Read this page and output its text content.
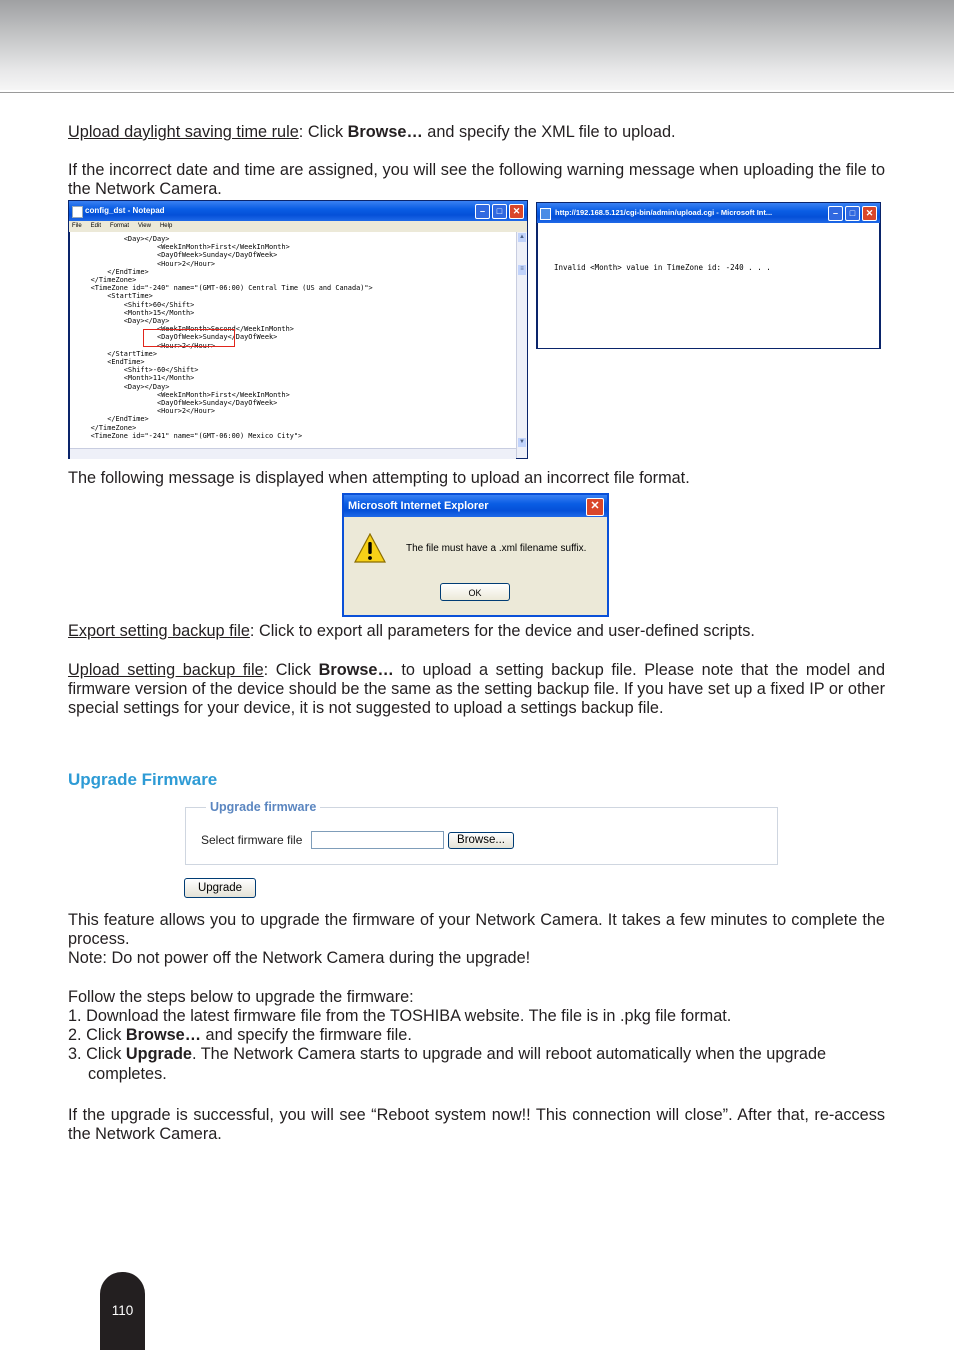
Upload daylight saving time rule: Click Browse… and specify the XML file to upload.

If the incorrect date and time are assigned, you will see the following warning message when uploading the file to the Network Camera.

config_dst - Notepad	–	□	✕
File Edit Format View Help
<Day></Day>
<WeekInMonth>First</WeekInMonth>
<DayOfWeek>Sunday</DayOfWeek>
<Hour>2</Hour>
</EndTime>
</TimeZone>
<TimeZone id="-240" name="(GMT-06:00) Central Time (US and Canada)">
<StartTime>
<Shift>60</Shift>
<Month>15</Month>
<Day></Day>
<WeekInMonth>Second</WeekInMonth>
<DayOfWeek>Sunday</DayOfWeek>
<Hour>2</Hour>
</StartTime>
<EndTime>
<Shift>-60</Shift>
<Month>11</Month>
<Day></Day>
<WeekInMonth>First</WeekInMonth>
<DayOfWeek>Sunday</DayOfWeek>
<Hour>2</Hour>
</EndTime>
</TimeZone>
<TimeZone id="-241" name="(GMT-06:00) Mexico City">
▲
≡
▼
http://192.168.5.121/cgi-bin/admin/upload.cgi - Microsoft Int...	–	□	✕
Invalid <Month> value in TimeZone id: -240 . . .

The following message is displayed when attempting to upload an incorrect file format.

Microsoft Internet Explorer	✕
The file must have a .xml filename suffix.
OK

Export setting backup file: Click to export all parameters for the device and user-defined scripts.

Upload setting backup file: Click Browse… to upload a setting backup file. Please note that the model and firmware version of the device should be the same as the setting backup file. If you have set up a fixed IP or other special settings for your device, it is not suggested to upload a settings backup file.

Upgrade Firmware
Upgrade firmware
Select firmware file	Browse...
Upgrade

This feature allows you to upgrade the firmware of your Network Camera. It takes a few minutes to complete the process.

Note: Do not power off the Network Camera during the upgrade!

Follow the steps below to upgrade the firmware:

1. Download the latest firmware file from the TOSHIBA website. The file is in .pkg file format.

2. Click Browse… and specify the firmware file.

3. Click Upgrade. The Network Camera starts to upgrade and will reboot automatically when the upgrade

completes.

If the upgrade is successful, you will see “Reboot system now!! This connection will close”. After that, re-access the Network Camera.

110
